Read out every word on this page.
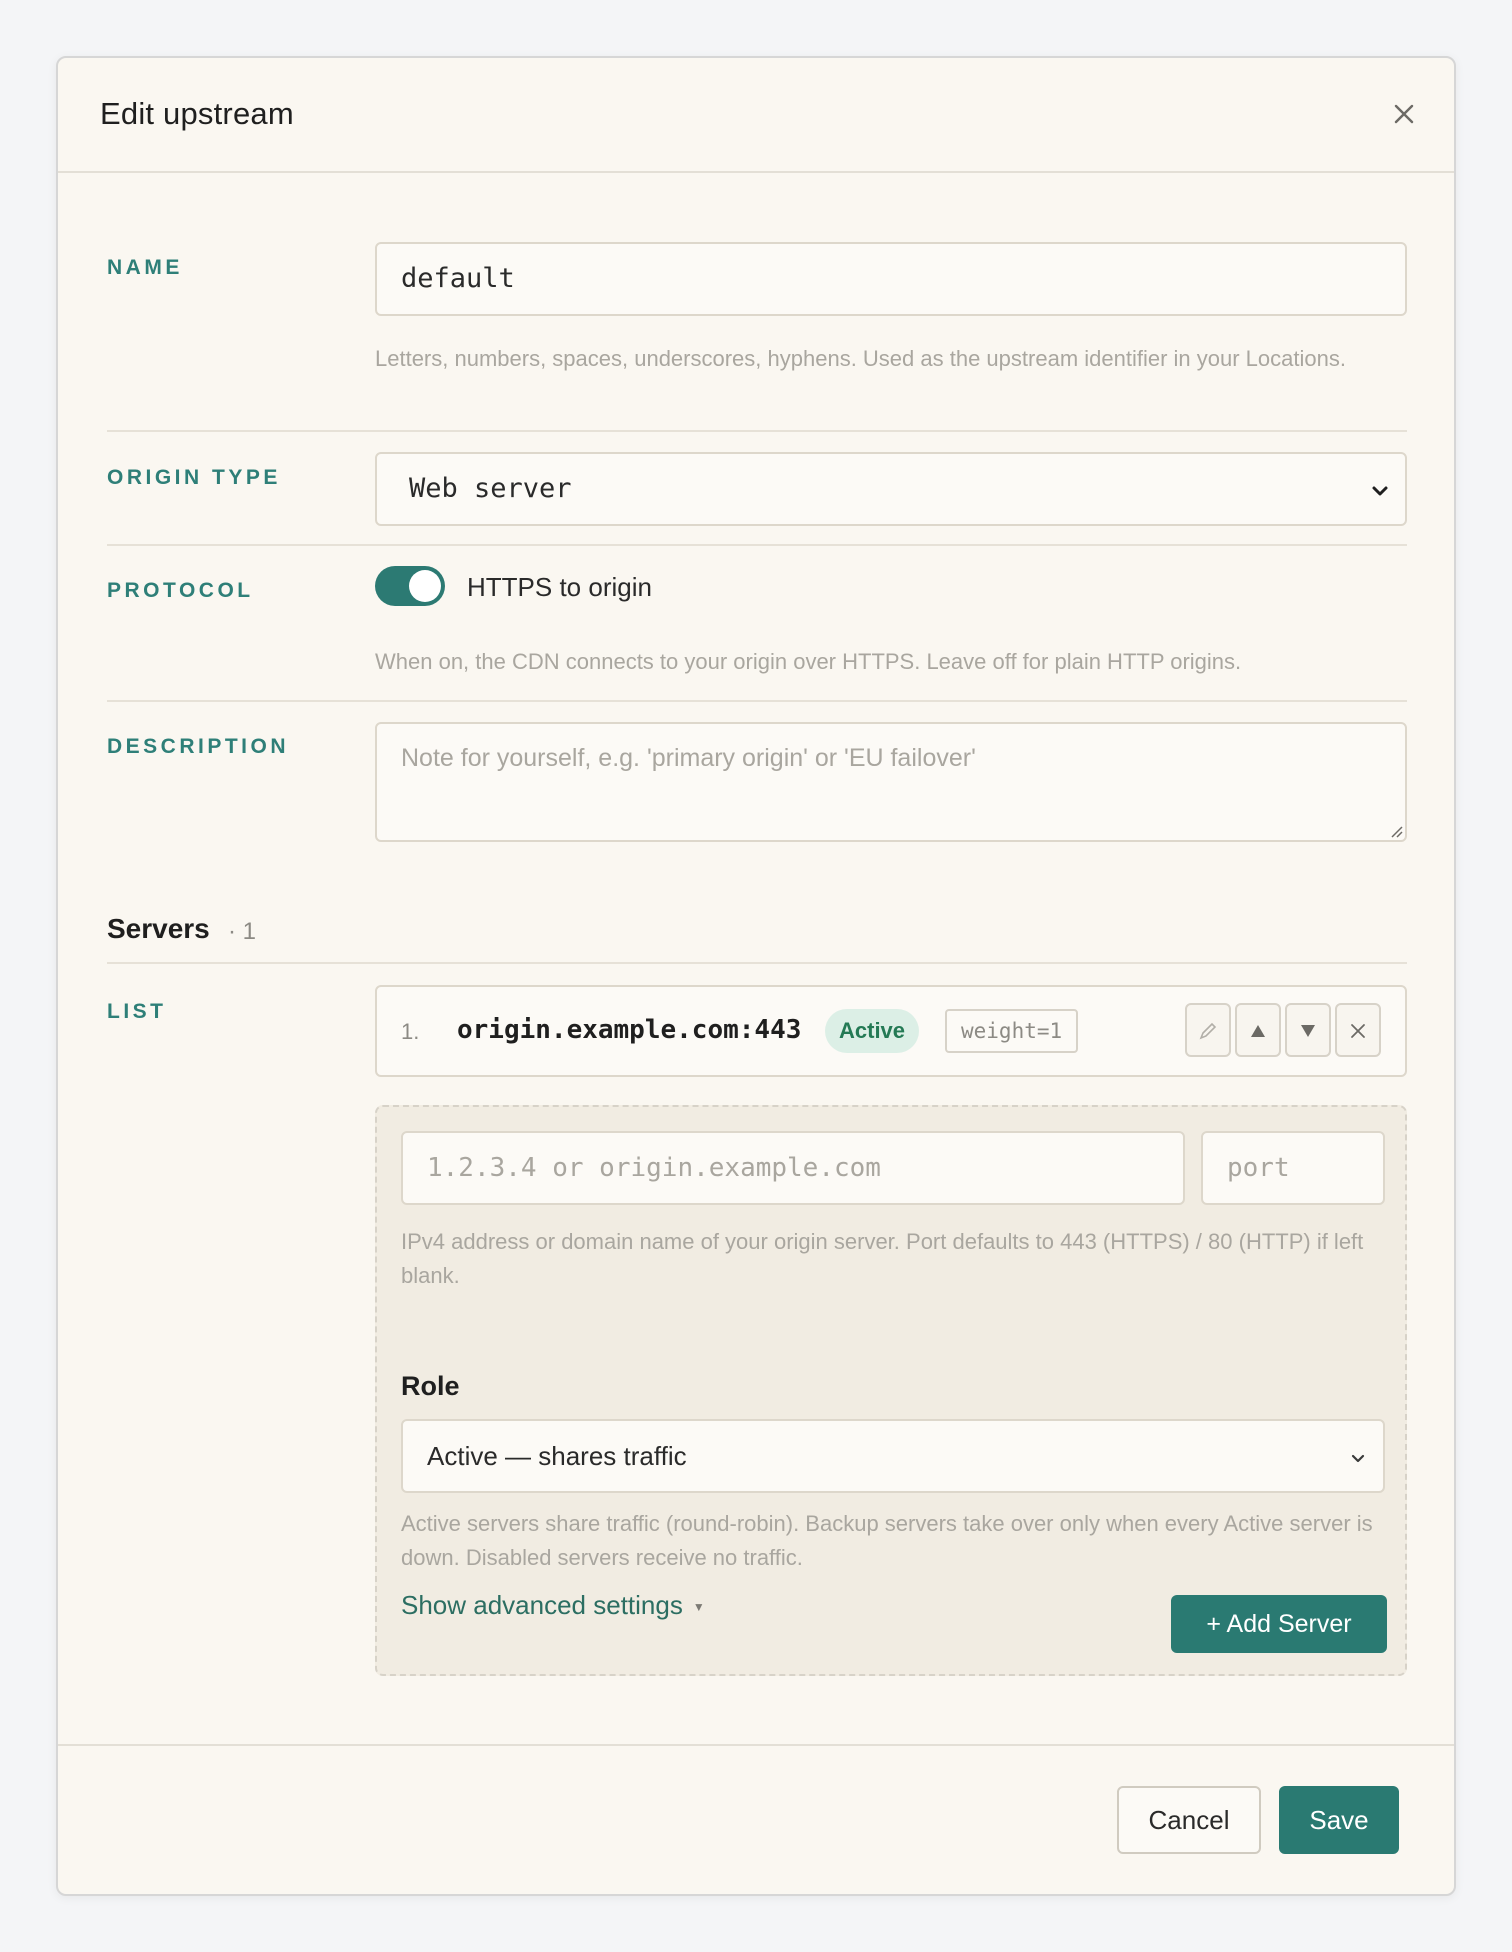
Edit upstream
NAME	default
Letters, numbers, spaces, underscores, hyphens. Used as the upstream identifier in your Locations.
ORIGIN TYPE	Web server
PROTOCOL	HTTPS to origin
When on, the CDN connects to your origin over HTTPS. Leave off for plain HTTP origins.
DESCRIPTION	Note for yourself, e.g. 'primary origin' or 'EU failover'
Servers · 1
LIST
1. origin.example.com:443	Active	weight=1
1.2.3.4 or origin.example.com	port
IPv4 address or domain name of your origin server. Port defaults to 443 (HTTPS) / 80 (HTTP) if left blank.
Role
Active — shares traffic
Active servers share traffic (round-robin). Backup servers take over only when every Active server is down. Disabled servers receive no traffic.
Show advanced settings ▼
+ Add Server
Cancel	Save
